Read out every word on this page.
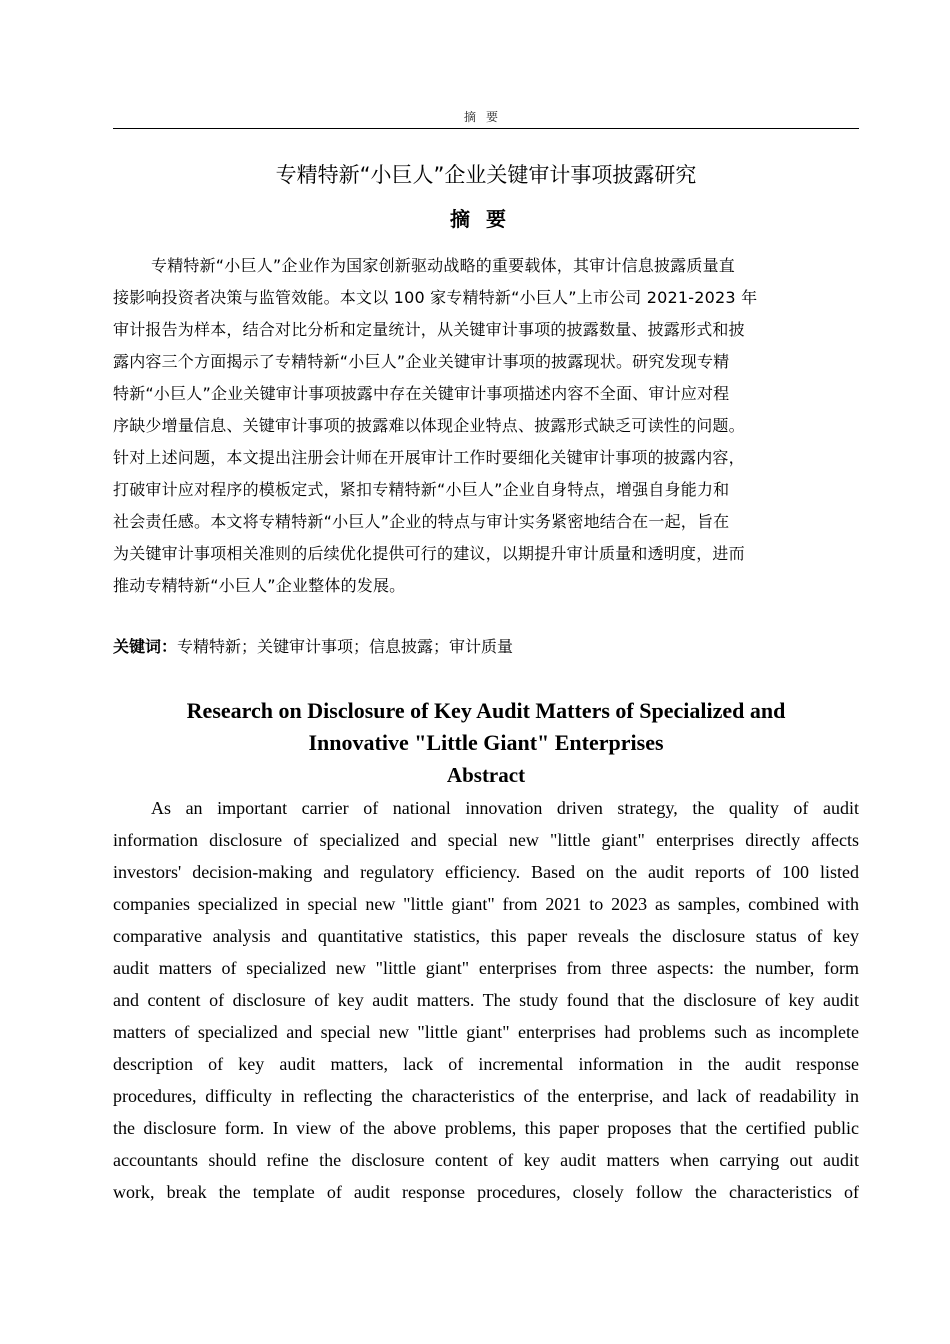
摘要
专精特新“小巨人”企业关键审计事项披露研究
摘要
专精特新“小巨人”企业作为国家创新驱动战略的重要载体，其审计信息披露质量直
接影响投资者决策与监管效能。本文以 100 家专精特新“小巨人”上市公司 2021-2023 年
审计报告为样本，结合对比分析和定量统计，从关键审计事项的披露数量、披露形式和披
露内容三个方面揭示了专精特新“小巨人”企业关键审计事项的披露现状。研究发现专精
特新“小巨人”企业关键审计事项披露中存在关键审计事项描述内容不全面、审计应对程
序缺少增量信息、关键审计事项的披露难以体现企业特点、披露形式缺乏可读性的问题。
针对上述问题，本文提出注册会计师在开展审计工作时要细化关键审计事项的披露内容，
打破审计应对程序的模板定式，紧扣专精特新“小巨人”企业自身特点，增强自身能力和
社会责任感。本文将专精特新“小巨人”企业的特点与审计实务紧密地结合在一起，旨在
为关键审计事项相关准则的后续优化提供可行的建议，以期提升审计质量和透明度，进而
推动专精特新“小巨人”企业整体的发展。
关键词：专精特新；关键审计事项；信息披露；审计质量
Research on Disclosure of Key Audit Matters of Specialized and
Innovative "Little Giant" Enterprises
Abstract
As an important carrier of national innovation driven strategy, the quality of audit
information disclosure of specialized and special new "little giant" enterprises directly affects
investors' decision-making and regulatory efficiency. Based on the audit reports of 100 listed
companies specialized in special new "little giant" from 2021 to 2023 as samples, combined with
comparative analysis and quantitative statistics, this paper reveals the disclosure status of key
audit matters of specialized new "little giant" enterprises from three aspects: the number, form
and content of disclosure of key audit matters. The study found that the disclosure of key audit
matters of specialized and special new "little giant" enterprises had problems such as incomplete
description of key audit matters, lack of incremental information in the audit response
procedures, difficulty in reflecting the characteristics of the enterprise, and lack of readability in
the disclosure form. In view of the above problems, this paper proposes that the certified public
accountants should refine the disclosure content of key audit matters when carrying out audit
work, break the template of audit response procedures, closely follow the characteristics of
